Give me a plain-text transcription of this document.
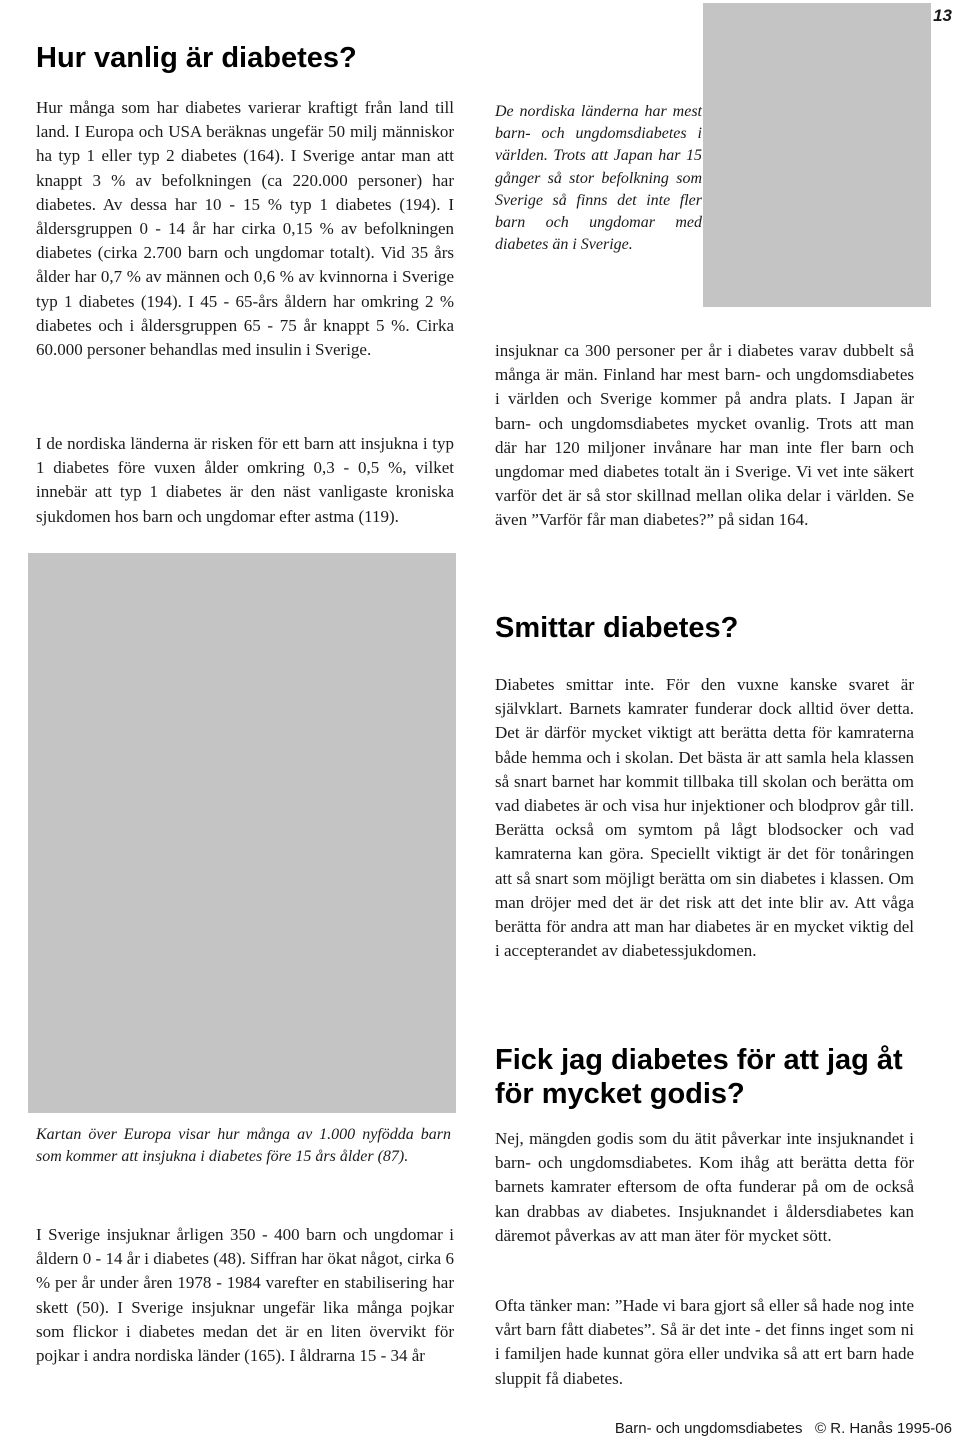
13

De nordiska länderna har mest barn- och ungdomsdiabetes i världen. Trots att Japan har 15 gånger så stor befolkning som Sverige så finns det inte fler barn och ungdomar med diabetes än i Sverige.

Hur vanlig är diabetes?

Hur många som har diabetes varierar kraftigt från land till land. I Europa och USA beräknas ungefär 50 milj människor ha typ 1 eller typ 2 diabetes (164). I Sverige antar man att knappt 3 % av befolkningen (ca 220.000 personer) har diabetes. Av dessa har 10 - 15 % typ 1 diabetes (194). I åldersgruppen 0 - 14 år har cirka 0,15 % av befolkningen diabetes (cirka 2.700 barn och ungdomar totalt). Vid 35 års ålder har 0,7 % av männen och 0,6 % av kvinnorna i Sverige typ 1 diabetes (194). I 45 - 65-års åldern har omkring 2 % diabetes och i åldersgruppen 65 - 75 år knappt 5 %. Cirka 60.000 personer behandlas med insulin i Sverige.

I de nordiska länderna är risken för ett barn att insjukna i typ 1 diabetes före vuxen ålder omkring 0,3 - 0,5 %, vilket innebär att typ 1 diabetes är den näst vanligaste kroniska sjukdomen hos barn och ungdomar efter astma (119).

Kartan över Europa visar hur många av 1.000 nyfödda barn som kommer att insjukna i diabetes före 15 års ålder (87).

I Sverige insjuknar årligen 350 - 400 barn och ungdomar i åldern 0 - 14 år i diabetes (48). Siffran har ökat något, cirka 6 % per år under åren 1978 - 1984 varefter en stabilisering har skett (50). I Sverige insjuknar ungefär lika många pojkar som flickor i diabetes medan det är en liten övervikt för pojkar i andra nordiska länder (165). I åldrarna 15 - 34 år

insjuknar ca 300 personer per år i diabetes varav dubbelt så många är män. Finland har mest barn- och ungdomsdiabetes i världen och Sverige kommer på andra plats. I Japan är barn- och ungdomsdiabetes mycket ovanlig. Trots att man där har 120 miljoner invånare har man inte fler barn och ungdomar med diabetes totalt än i Sverige. Vi vet inte säkert varför det är så stor skillnad mellan olika delar i världen. Se även ”Varför får man diabetes?” på sidan 164.

Smittar diabetes?

Diabetes smittar inte. För den vuxne kanske svaret är självklart. Barnets kamrater funderar dock alltid över detta. Det är därför mycket viktigt att berätta detta för kamraterna både hemma och i skolan. Det bästa är att samla hela klassen så snart barnet har kommit tillbaka till skolan och berätta om vad diabetes är och visa hur injektioner och blodprov går till. Berätta också om symtom på lågt blodsocker och vad kamraterna kan göra. Speciellt viktigt är det för tonåringen att så snart som möjligt berätta om sin diabetes i klassen. Om man dröjer med det är det risk att det inte blir av. Att våga berätta för andra att man har diabetes är en mycket viktig del i accepterandet av diabetessjukdomen.

Fick jag diabetes för att jag åt för mycket godis?

Nej, mängden godis som du ätit påverkar inte insjuknandet i barn- och ungdomsdiabetes. Kom ihåg att berätta detta för barnets kamrater eftersom de ofta funderar på om de också kan drabbas av diabetes. Insjuknandet i åldersdiabetes kan däremot påverkas av att man äter för mycket sött.

Ofta tänker man: ”Hade vi bara gjort så eller så hade nog inte vårt barn fått diabetes”. Så är det inte - det finns inget som ni i familjen hade kunnat göra eller undvika så att ert barn hade sluppit få diabetes.

Barn- och ungdomsdiabetes   © R. Hanås 1995-06
